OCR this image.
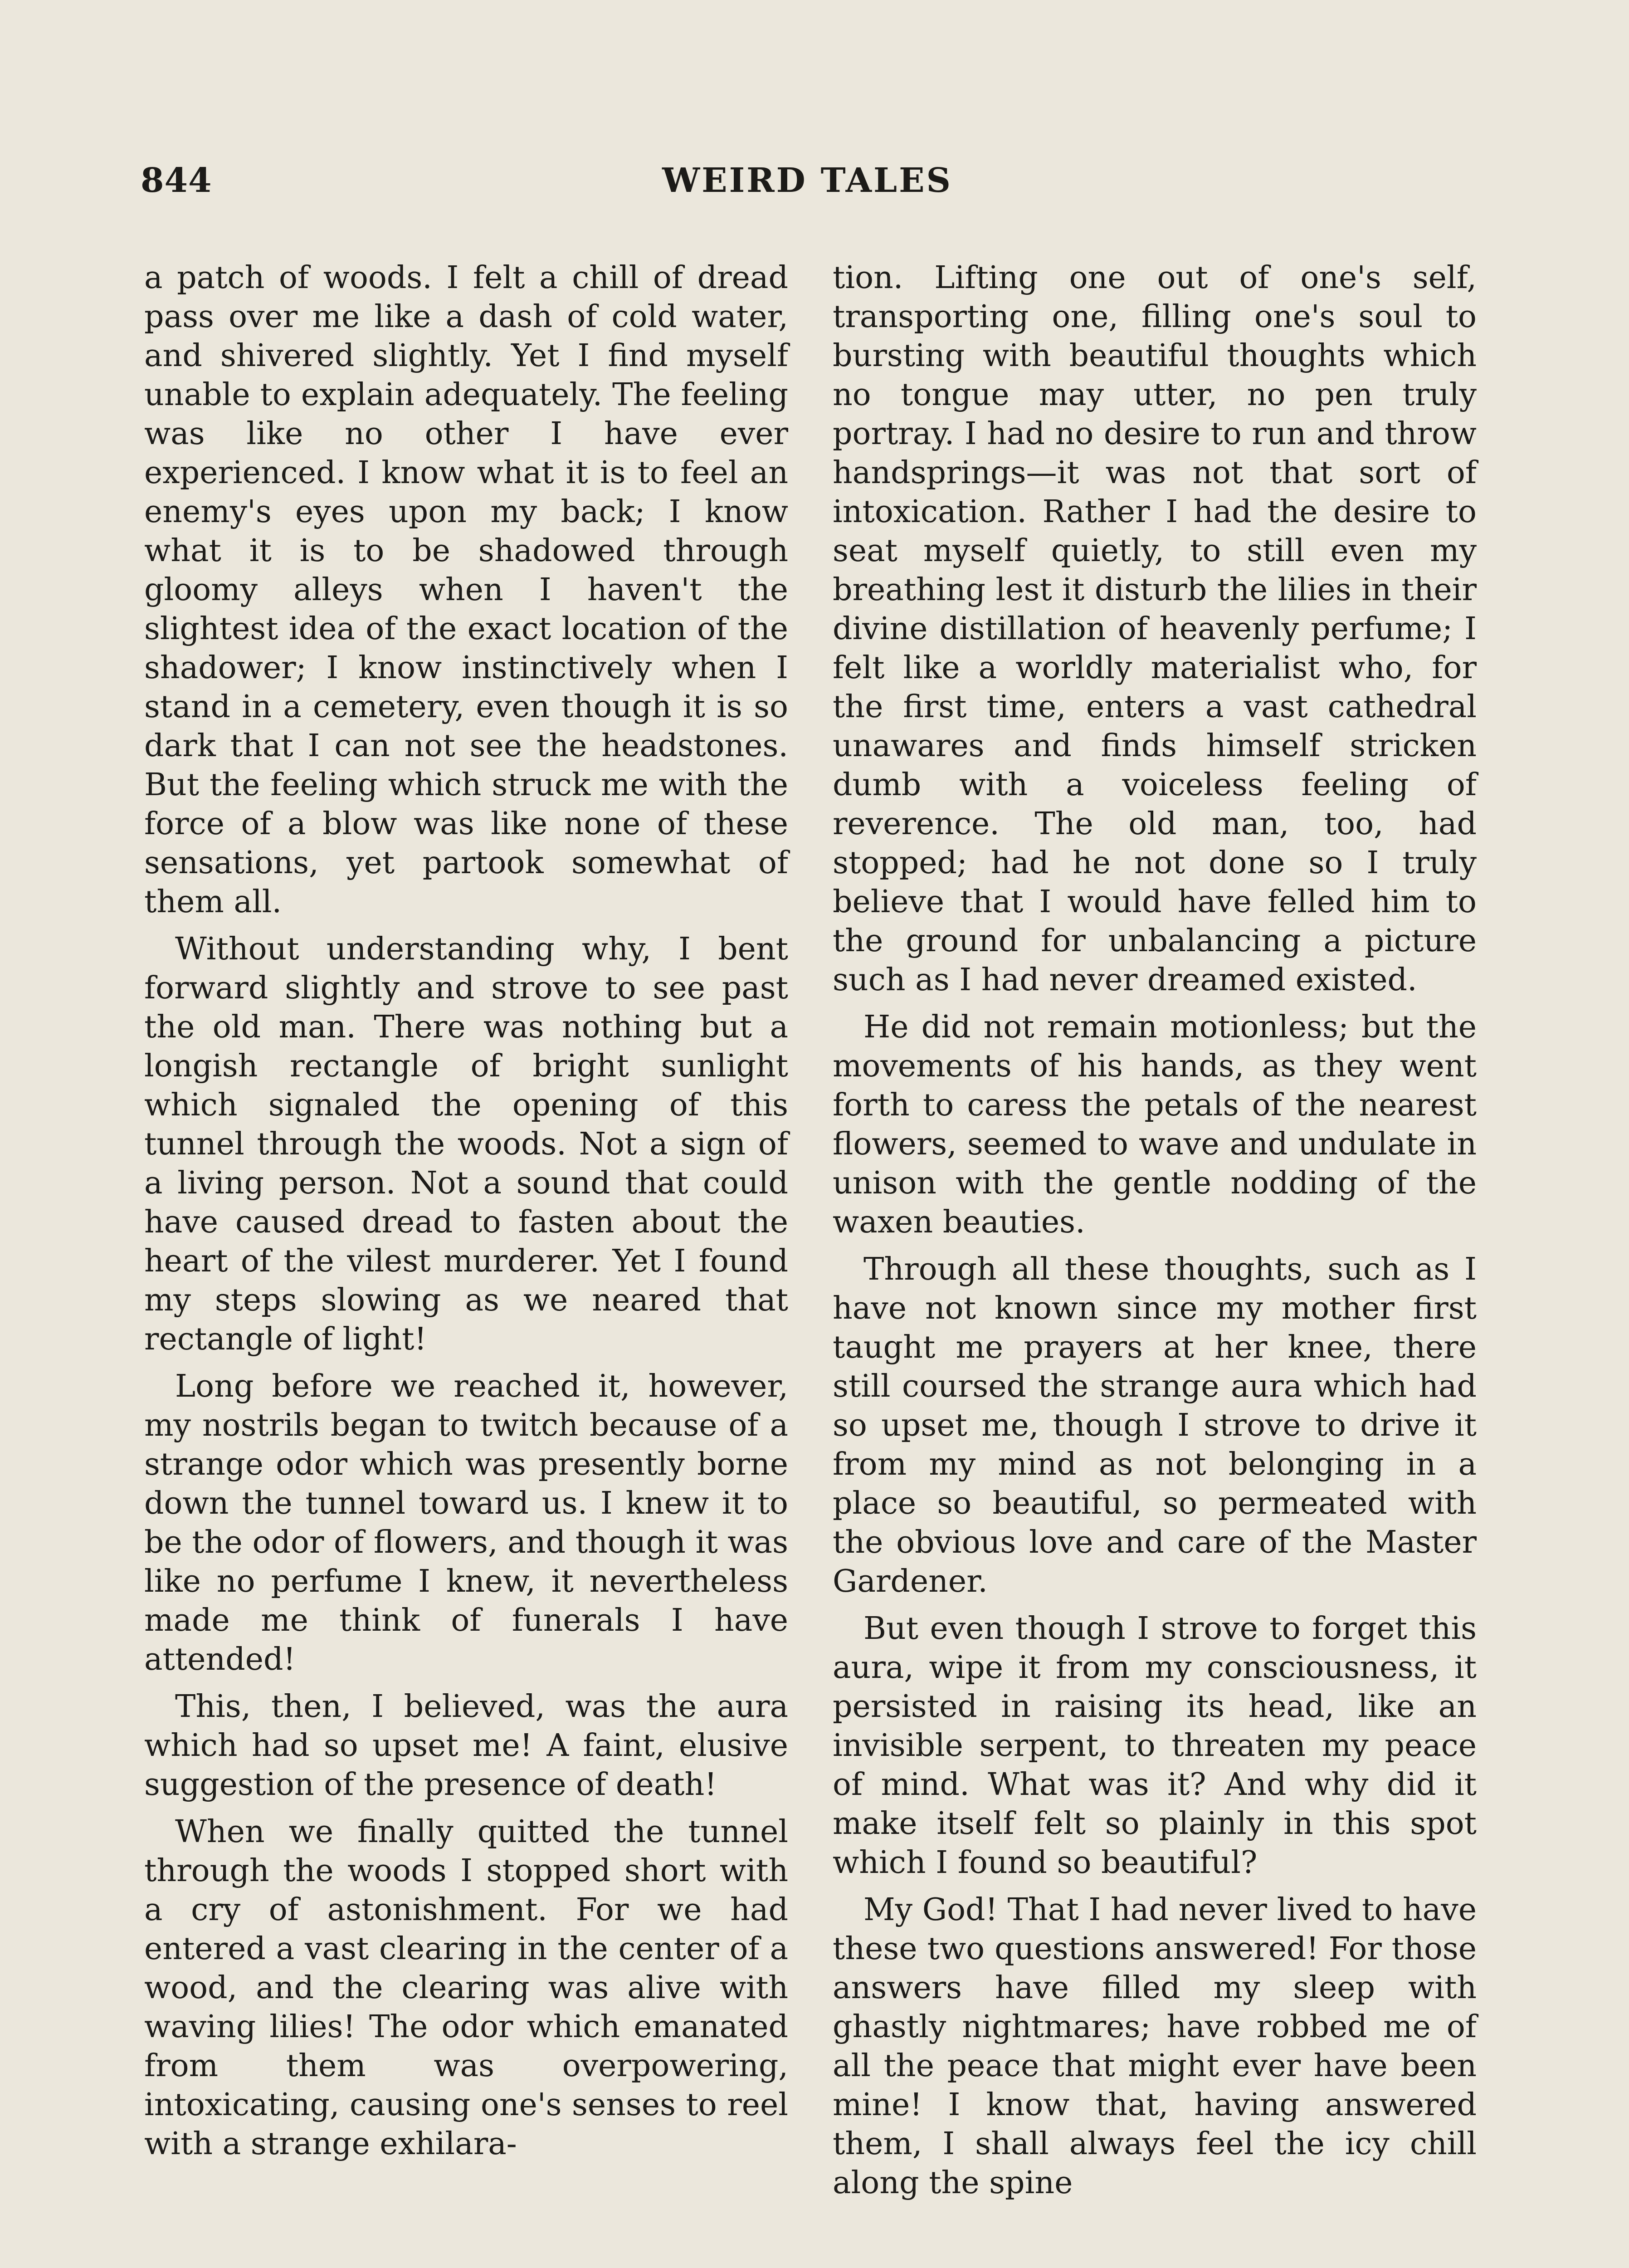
844	WEIRD TALES

a patch of woods. I felt a chill of dread pass over me like a dash of cold water, and shivered slightly. Yet I find myself unable to explain adequately. The feeling was like no other I have ever experienced. I know what it is to feel an enemy's eyes upon my back; I know what it is to be shadowed through gloomy alleys when I haven't the slightest idea of the exact location of the shadower; I know instinctively when I stand in a cemetery, even though it is so dark that I can not see the headstones. But the feeling which struck me with the force of a blow was like none of these sensations, yet partook somewhat of them all.

Without understanding why, I bent forward slightly and strove to see past the old man. There was nothing but a longish rectangle of bright sunlight which signaled the opening of this tunnel through the woods. Not a sign of a living person. Not a sound that could have caused dread to fasten about the heart of the vilest murderer. Yet I found my steps slowing as we neared that rectangle of light!

Long before we reached it, however, my nostrils began to twitch because of a strange odor which was presently borne down the tunnel toward us. I knew it to be the odor of flowers, and though it was like no perfume I knew, it nevertheless made me think of funerals I have attended!

This, then, I believed, was the aura which had so upset me! A faint, elusive suggestion of the presence of death!

When we finally quitted the tunnel through the woods I stopped short with a cry of astonishment. For we had entered a vast clearing in the center of a wood, and the clearing was alive with waving lilies! The odor which emanated from them was overpowering, intoxicating, causing one's senses to reel with a strange exhilara-

tion. Lifting one out of one's self, transporting one, filling one's soul to bursting with beautiful thoughts which no tongue may utter, no pen truly portray. I had no desire to run and throw handsprings—it was not that sort of intoxication. Rather I had the desire to seat myself quietly, to still even my breathing lest it disturb the lilies in their divine distillation of heavenly perfume; I felt like a worldly materialist who, for the first time, enters a vast cathedral unawares and finds himself stricken dumb with a voiceless feeling of reverence. The old man, too, had stopped; had he not done so I truly believe that I would have felled him to the ground for unbalancing a picture such as I had never dreamed existed.

He did not remain motionless; but the movements of his hands, as they went forth to caress the petals of the nearest flowers, seemed to wave and undulate in unison with the gentle nodding of the waxen beauties.

Through all these thoughts, such as I have not known since my mother first taught me prayers at her knee, there still coursed the strange aura which had so upset me, though I strove to drive it from my mind as not belonging in a place so beautiful, so permeated with the obvious love and care of the Master Gardener.

But even though I strove to forget this aura, wipe it from my consciousness, it persisted in raising its head, like an invisible serpent, to threaten my peace of mind. What was it? And why did it make itself felt so plainly in this spot which I found so beautiful?

My God! That I had never lived to have these two questions answered! For those answers have filled my sleep with ghastly nightmares; have robbed me of all the peace that might ever have been mine! I know that, having answered them, I shall always feel the icy chill along the spine
